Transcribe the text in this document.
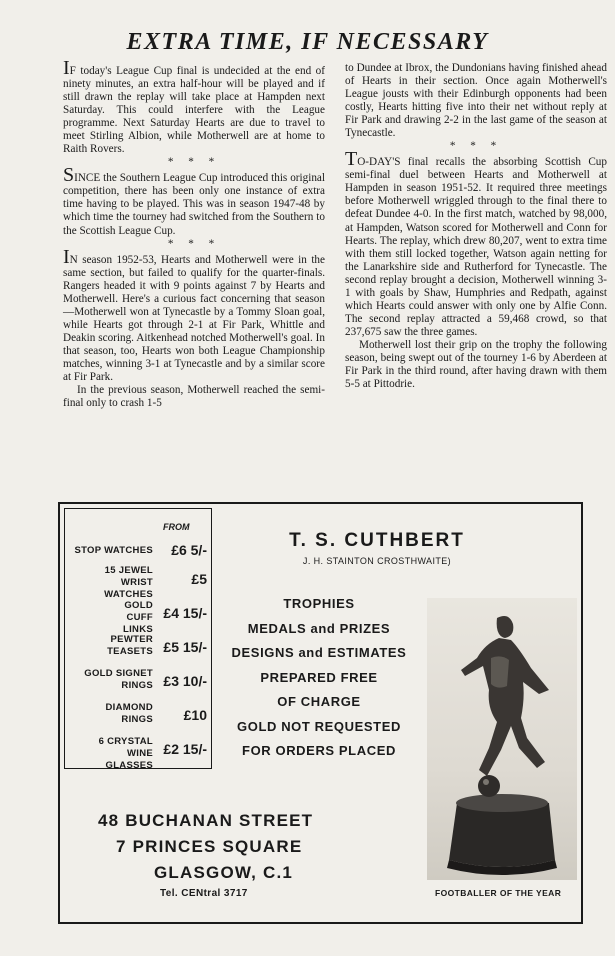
EXTRA TIME, IF NECESSARY

IF today's League Cup final is undecided at the end of ninety minutes, an extra half-hour will be played and if still drawn the replay will take place at Hampden next Saturday. This could interfere with the League programme. Next Saturday Hearts are due to travel to meet Stirling Albion, while Motherwell are at home to Raith Rovers.

* * *

SINCE the Southern League Cup introduced this original competition, there has been only one instance of extra time having to be played. This was in season 1947-48 by which time the tourney had switched from the Southern to the Scottish League Cup.

* * *

IN season 1952-53, Hearts and Motherwell were in the same section, but failed to qualify for the quarter-finals. Rangers headed it with 9 points against 7 by Hearts and Motherwell. Here's a curious fact concerning that season—Motherwell won at Tynecastle by a Tommy Sloan goal, while Hearts got through 2-1 at Fir Park, Whittle and Deakin scoring. Aitkenhead notched Motherwell's goal. In that season, too, Hearts won both League Championship matches, winning 3-1 at Tynecastle and by a similar score at Fir Park.

In the previous season, Motherwell reached the semi-final only to crash 1-5

to Dundee at Ibrox, the Dundonians having finished ahead of Hearts in their section. Once again Motherwell's League jousts with their Edinburgh opponents had been costly, Hearts hitting five into their net without reply at Fir Park and drawing 2-2 in the last game of the season at Tynecastle.

* * *

TO-DAY'S final recalls the absorbing Scottish Cup semi-final duel between Hearts and Motherwell at Hampden in season 1951-52. It required three meetings before Motherwell wriggled through to the final there to defeat Dundee 4-0. In the first match, watched by 98,000, at Hampden, Watson scored for Motherwell and Conn for Hearts. The replay, which drew 80,207, went to extra time with them still locked together, Watson again netting for the Lanarkshire side and Rutherford for Tynecastle. The second replay brought a decision, Motherwell winning 3-1 with goals by Shaw, Humphries and Redpath, against which Hearts could answer with only one by Alfie Conn. The second replay attracted a 59,468 crowd, so that 237,675 saw the three games.

Motherwell lost their grip on the trophy the following season, being swept out of the tourney 1-6 by Aberdeen at Fir Park in the third round, after having drawn with them 5-5 at Pittodrie.

FROM
STOP WATCHES £6 5/-
15 JEWEL WRIST WATCHES
£5
GOLD CUFF LINKS
£4 15/-
PEWTER TEASETS £5 15/-
GOLD SIGNET RINGS £3 10/-
DIAMOND RINGS £10
6 CRYSTAL WINE GLASSES
£2 15/-
T. S. CUTHBERT
J. H. STAINTON CROSTHWAITE)
TROPHIES
MEDALS and PRIZES
DESIGNS and ESTIMATES
PREPARED FREE
OF CHARGE
GOLD NOT REQUESTED
FOR ORDERS PLACED
FOOTBALLER OF THE YEAR
48 BUCHANAN STREET
7 PRINCES SQUARE
GLASGOW, C.1
Tel. CENtral 3717
